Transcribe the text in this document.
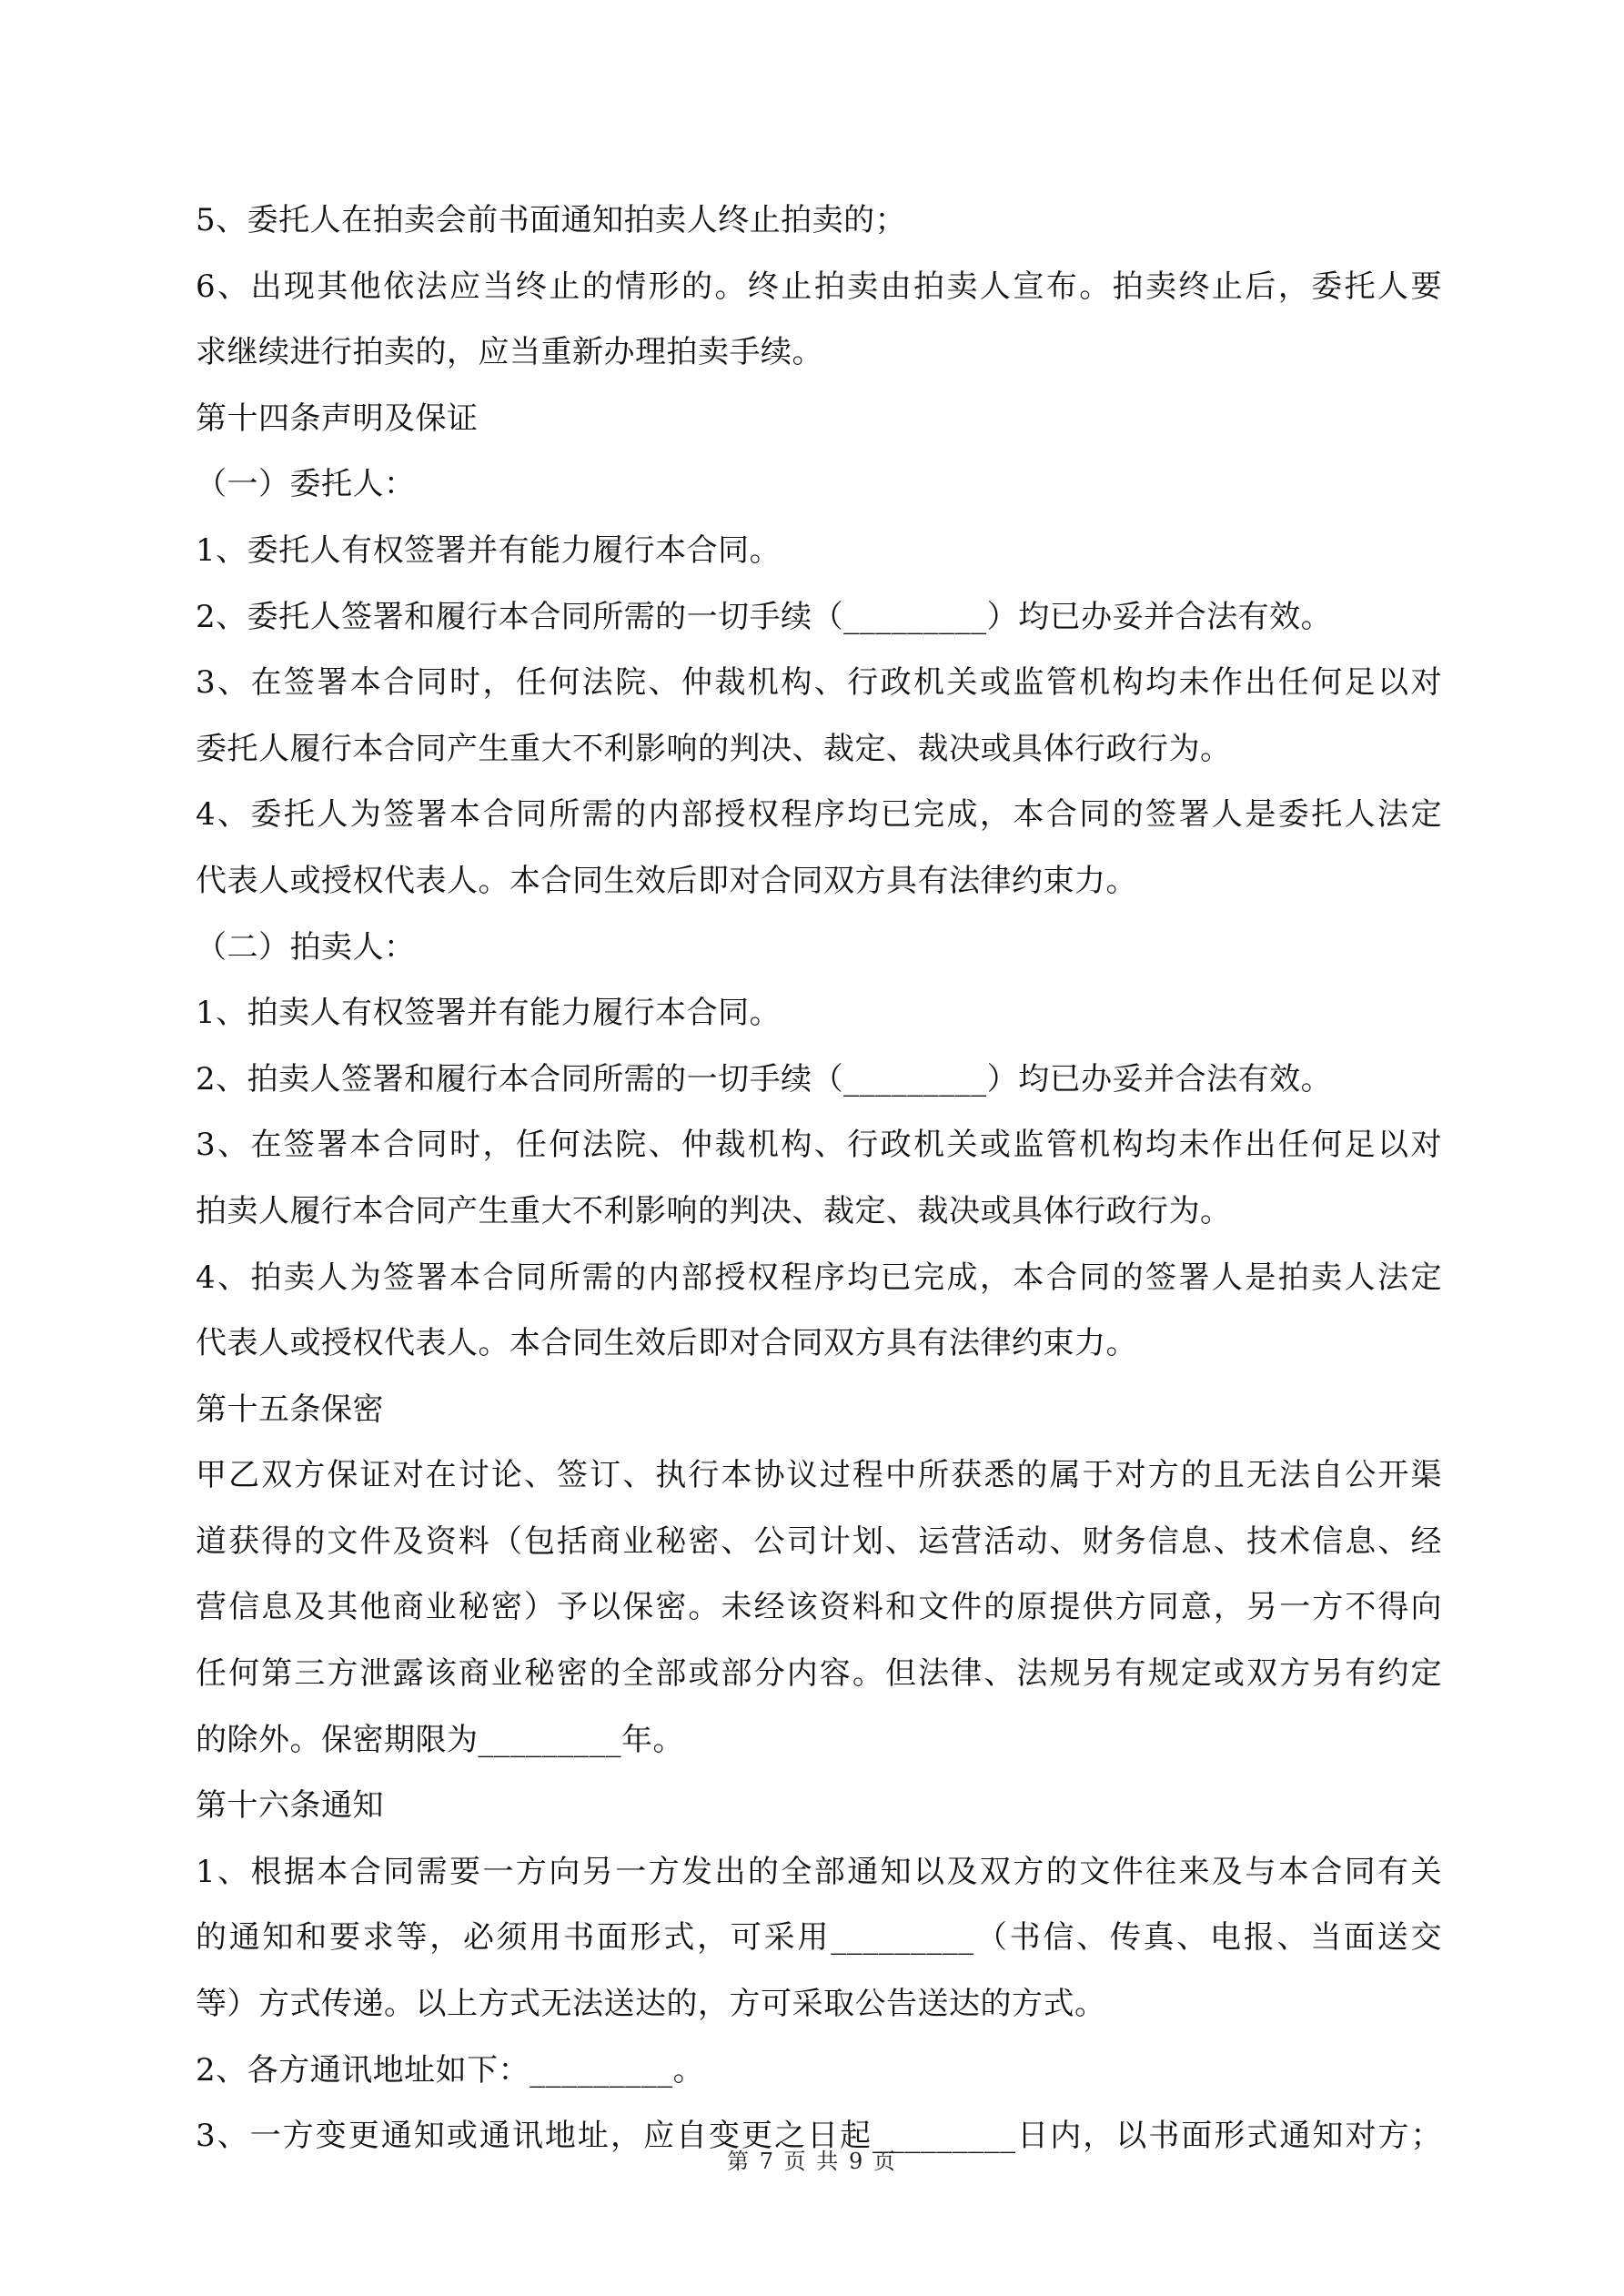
5、委托人在拍卖会前书面通知拍卖人终止拍卖的；
6、出现其他依法应当终止的情形的。终止拍卖由拍卖人宣布。拍卖终止后，委托人要
求继续进行拍卖的，应当重新办理拍卖手续。
第十四条声明及保证
（一）委托人：
1、委托人有权签署并有能力履行本合同。
2、委托人签署和履行本合同所需的一切手续（_________）均已办妥并合法有效。
3、在签署本合同时，任何法院、仲裁机构、行政机关或监管机构均未作出任何足以对
委托人履行本合同产生重大不利影响的判决、裁定、裁决或具体行政行为。
4、委托人为签署本合同所需的内部授权程序均已完成，本合同的签署人是委托人法定
代表人或授权代表人。本合同生效后即对合同双方具有法律约束力。
（二）拍卖人：
1、拍卖人有权签署并有能力履行本合同。
2、拍卖人签署和履行本合同所需的一切手续（_________）均已办妥并合法有效。
3、在签署本合同时，任何法院、仲裁机构、行政机关或监管机构均未作出任何足以对
拍卖人履行本合同产生重大不利影响的判决、裁定、裁决或具体行政行为。
4、拍卖人为签署本合同所需的内部授权程序均已完成，本合同的签署人是拍卖人法定
代表人或授权代表人。本合同生效后即对合同双方具有法律约束力。
第十五条保密
甲乙双方保证对在讨论、签订、执行本协议过程中所获悉的属于对方的且无法自公开渠
道获得的文件及资料（包括商业秘密、公司计划、运营活动、财务信息、技术信息、经
营信息及其他商业秘密）予以保密。未经该资料和文件的原提供方同意，另一方不得向
任何第三方泄露该商业秘密的全部或部分内容。但法律、法规另有规定或双方另有约定
的除外。保密期限为_________年。
第十六条通知
1、根据本合同需要一方向另一方发出的全部通知以及双方的文件往来及与本合同有关
的通知和要求等，必须用书面形式，可采用_________（书信、传真、电报、当面送交
等）方式传递。以上方式无法送达的，方可采取公告送达的方式。
2、各方通讯地址如下：_________。
3、一方变更通知或通讯地址，应自变更之日起_________日内，以书面形式通知对方；
第 7 页 共 9 页
